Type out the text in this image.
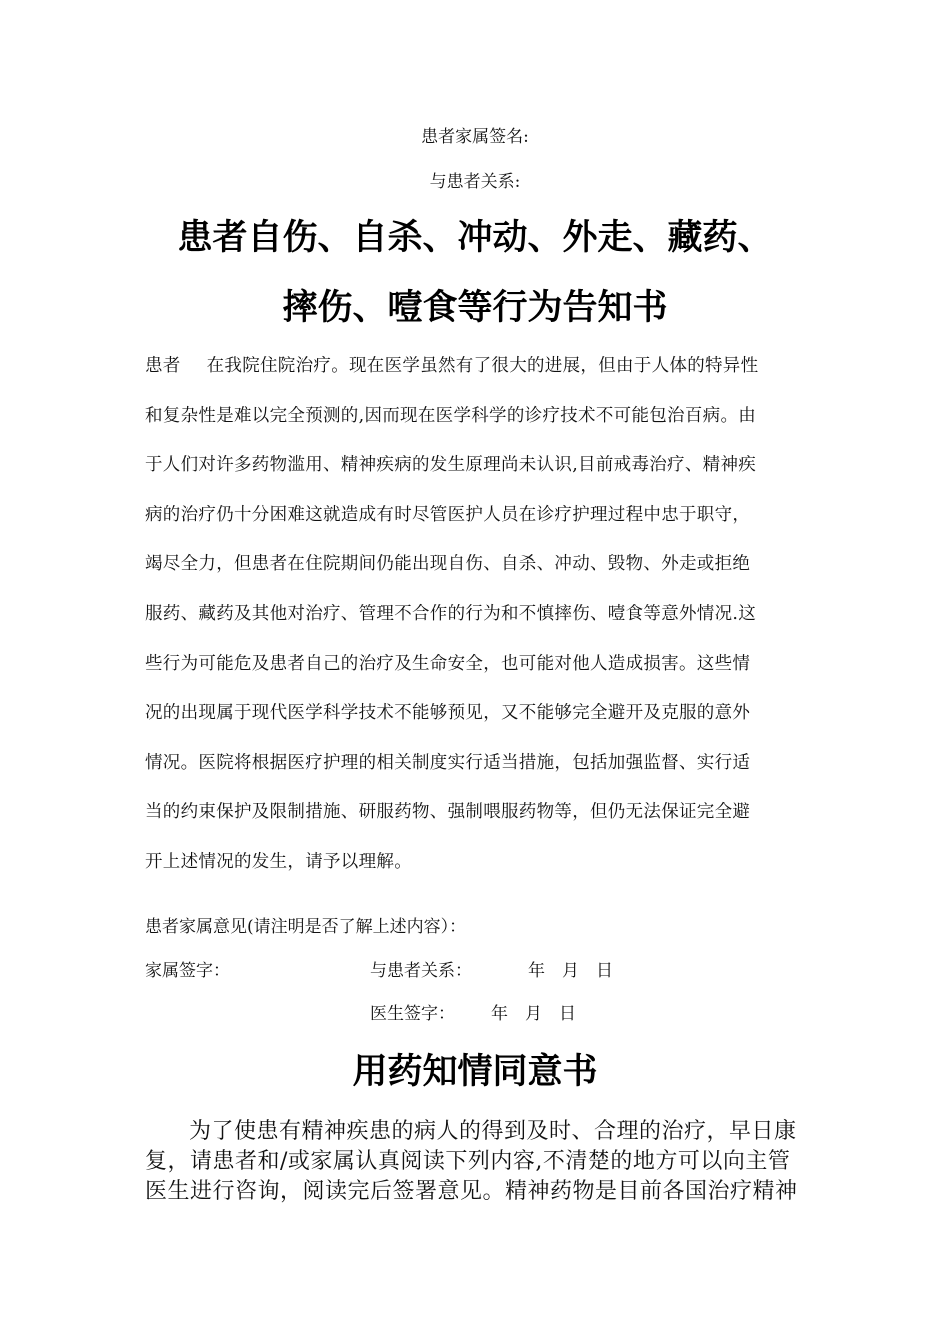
患者家属签名:
与患者关系:
患者自伤、自杀、冲动、外走、藏药、
摔伤、噎食等行为告知书
患者 在我院住院治疗。现在医学虽然有了很大的进展，但由于人体的特异性
和复杂性是难以完全预测的,因而现在医学科学的诊疗技术不可能包治百病。由
于人们对许多药物滥用、精神疾病的发生原理尚未认识,目前戒毒治疗、精神疾
病的治疗仍十分困难这就造成有时尽管医护人员在诊疗护理过程中忠于职守，
竭尽全力，但患者在住院期间仍能出现自伤、自杀、冲动、毁物、外走或拒绝
服药、藏药及其他对治疗、管理不合作的行为和不慎摔伤、噎食等意外情况.这
些行为可能危及患者自己的治疗及生命安全，也可能对他人造成损害。这些情
况的出现属于现代医学科学技术不能够预见，又不能够完全避开及克服的意外
情况。医院将根据医疗护理的相关制度实行适当措施，包括加强监督、实行适
当的约束保护及限制措施、研服药物、强制喂服药物等，但仍无法保证完全避
开上述情况的发生，请予以理解。
患者家属意见(请注明是否了解上述内容）：
家属签字：	与患者关系：	年　月　日
医生签字： 年　月　日
用药知情同意书
为了使患有精神疾患的病人的得到及时、合理的治疗，早日康
复，请患者和/或家属认真阅读下列内容,不清楚的地方可以向主管
医生进行咨询，阅读完后签署意见。精神药物是目前各国治疗精神
